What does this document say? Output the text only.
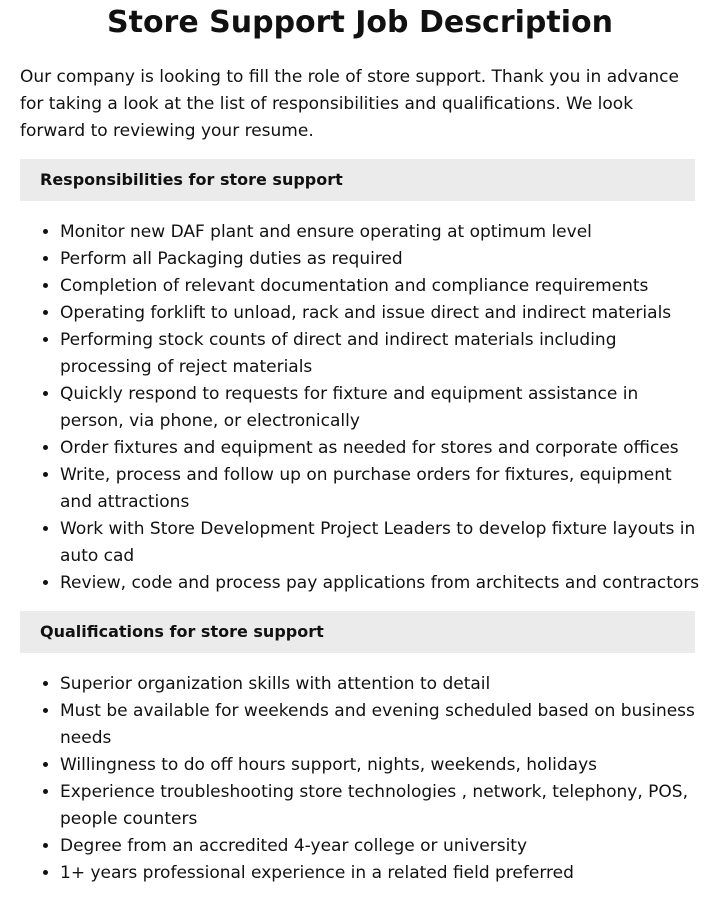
Store Support Job Description

Our company is looking to fill the role of store support. Thank you in advance for taking a look at the list of responsibilities and qualifications. We look forward to reviewing your resume.

Responsibilities for store support
• Monitor new DAF plant and ensure operating at optimum level
• Perform all Packaging duties as required
• Completion of relevant documentation and compliance requirements
• Operating forklift to unload, rack and issue direct and indirect materials
• Performing stock counts of direct and indirect materials including processing of reject materials
• Quickly respond to requests for fixture and equipment assistance in person, via phone, or electronically
• Order fixtures and equipment as needed for stores and corporate offices
• Write, process and follow up on purchase orders for fixtures, equipment and attractions
• Work with Store Development Project Leaders to develop fixture layouts in auto cad
• Review, code and process pay applications from architects and contractors
Qualifications for store support
• Superior organization skills with attention to detail
• Must be available for weekends and evening scheduled based on business needs
• Willingness to do off hours support, nights, weekends, holidays
• Experience troubleshooting store technologies , network, telephony, POS, people counters
• Degree from an accredited 4-year college or university
• 1+ years professional experience in a related field preferred
